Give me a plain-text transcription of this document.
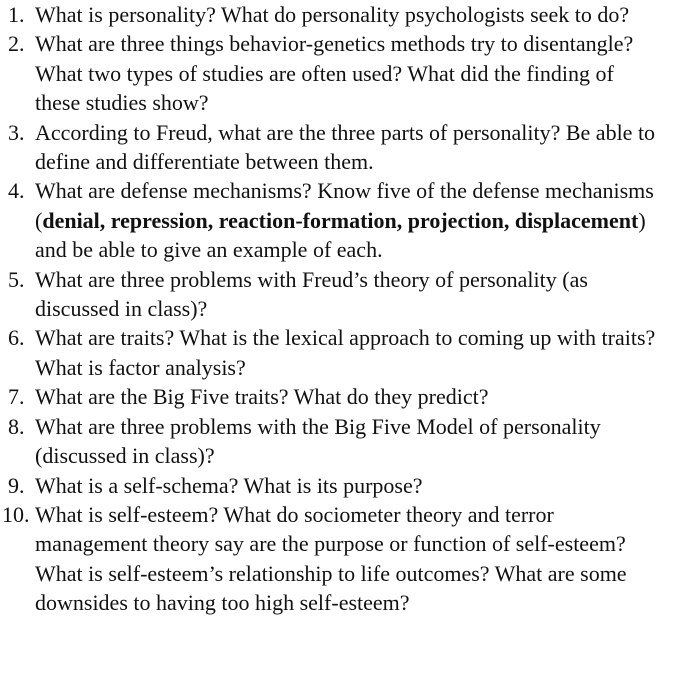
1. What is personality? What do personality psychologists seek to do?
2. What are three things behavior-genetics methods try to disentangle? What two types of studies are often used? What did the finding of these studies show?
3. According to Freud, what are the three parts of personality? Be able to define and differentiate between them.
4. What are defense mechanisms? Know five of the defense mechanisms (denial, repression, reaction-formation, projection, displacement) and be able to give an example of each.
5. What are three problems with Freud’s theory of personality (as discussed in class)?
6. What are traits? What is the lexical approach to coming up with traits? What is factor analysis?
7. What are the Big Five traits? What do they predict?
8. What are three problems with the Big Five Model of personality (discussed in class)?
9. What is a self-schema? What is its purpose?
10. What is self-esteem? What do sociometer theory and terror management theory say are the purpose or function of self-esteem? What is self-esteem’s relationship to life outcomes? What are some downsides to having too high self-esteem?
